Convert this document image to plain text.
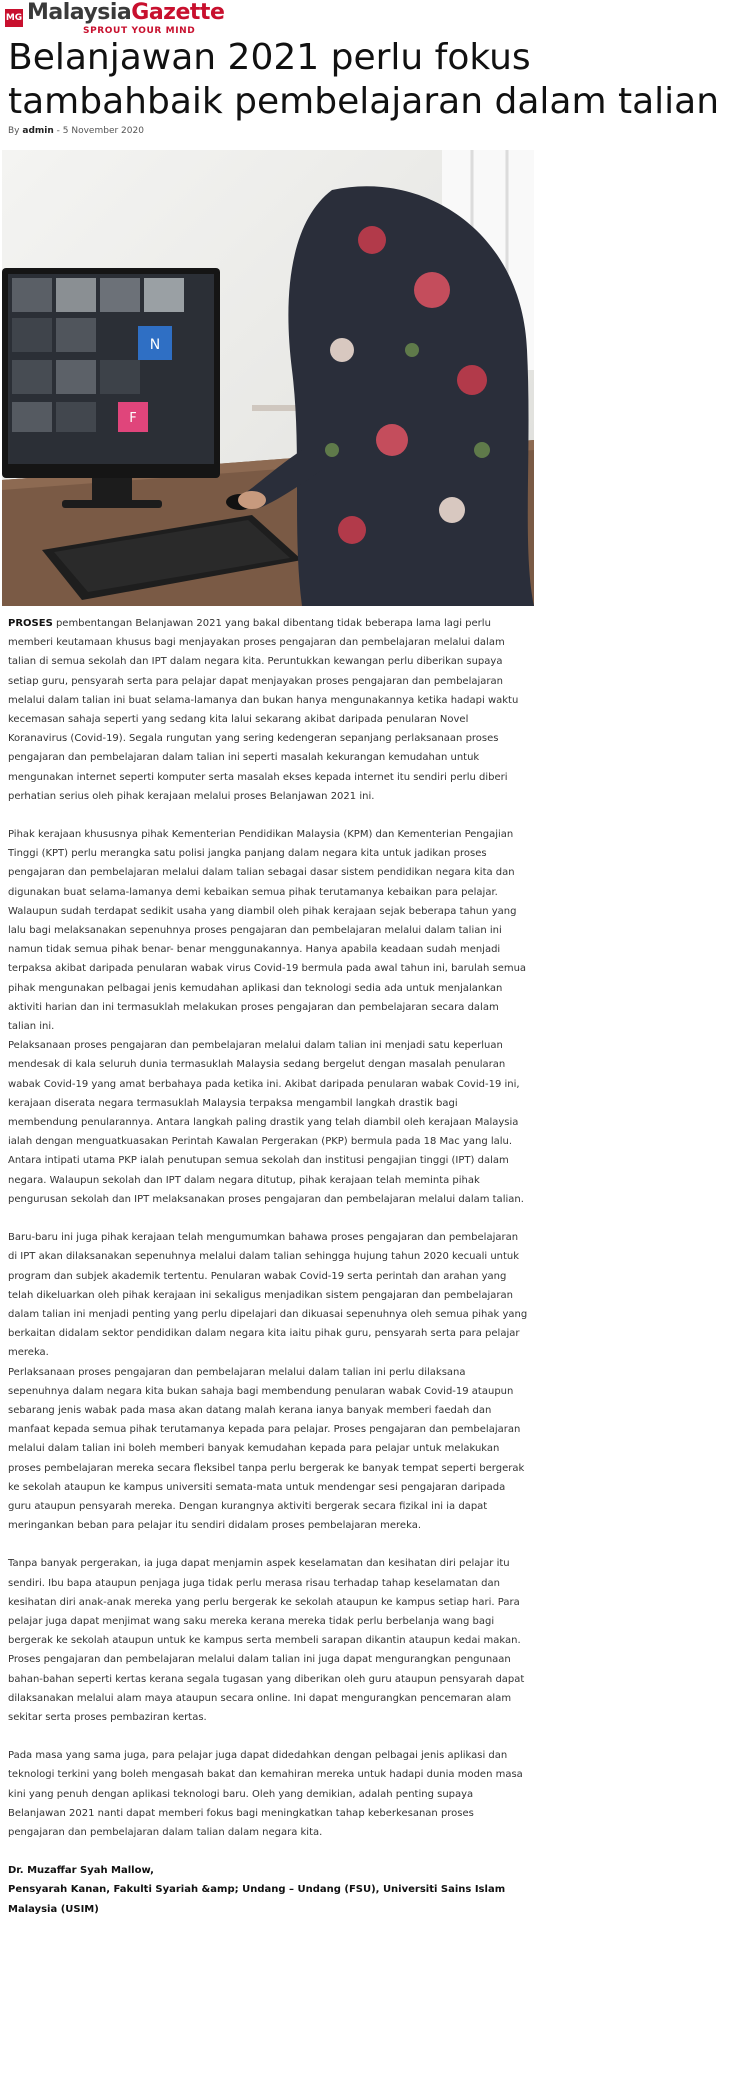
MG MalaysiaGazette
SPROUT YOUR MIND
Belanjawan 2021 perlu fokus tambahbaik pembelajaran dalam talian
By admin - 5 November 2020
N
F

PROSES pembentangan Belanjawan 2021 yang bakal dibentang tidak beberapa lama lagi perlu memberi keutamaan khusus bagi menjayakan proses pengajaran dan pembelajaran melalui dalam talian di semua sekolah dan IPT dalam negara kita. Peruntukkan kewangan perlu diberikan supaya setiap guru, pensyarah serta para pelajar dapat menjayakan proses pengajaran dan pembelajaran melalui dalam talian ini buat selama-lamanya dan bukan hanya mengunakannya ketika hadapi waktu kecemasan sahaja seperti yang sedang kita lalui sekarang akibat daripada penularan Novel Koranavirus (Covid-19). Segala rungutan yang sering kedengeran sepanjang perlaksanaan proses pengajaran dan pembelajaran dalam talian ini seperti masalah kekurangan kemudahan untuk mengunakan internet seperti komputer serta masalah ekses kepada internet itu sendiri perlu diberi perhatian serius oleh pihak kerajaan melalui proses Belanjawan 2021 ini.

Pihak kerajaan khususnya pihak Kementerian Pendidikan Malaysia (KPM) dan Kementerian Pengajian Tinggi (KPT) perlu merangka satu polisi jangka panjang dalam negara kita untuk jadikan proses pengajaran dan pembelajaran melalui dalam talian sebagai dasar sistem pendidikan negara kita dan digunakan buat selama-lamanya demi kebaikan semua pihak terutamanya kebaikan para pelajar. Walaupun sudah terdapat sedikit usaha yang diambil oleh pihak kerajaan sejak beberapa tahun yang lalu bagi melaksanakan sepenuhnya proses pengajaran dan pembelajaran melalui dalam talian ini namun tidak semua pihak benar- benar menggunakannya. Hanya apabila keadaan sudah menjadi terpaksa akibat daripada penularan wabak virus Covid-19 bermula pada awal tahun ini, barulah semua pihak mengunakan pelbagai jenis kemudahan aplikasi dan teknologi sedia ada untuk menjalankan aktiviti harian dan ini termasuklah melakukan proses pengajaran dan pembelajaran secara dalam talian ini.

Pelaksanaan proses pengajaran dan pembelajaran melalui dalam talian ini menjadi satu keperluan mendesak di kala seluruh dunia termasuklah Malaysia sedang bergelut dengan masalah penularan wabak Covid-19 yang amat berbahaya pada ketika ini. Akibat daripada penularan wabak Covid-19 ini, kerajaan diserata negara termasuklah Malaysia terpaksa mengambil langkah drastik bagi membendung penularannya. Antara langkah paling drastik yang telah diambil oleh kerajaan Malaysia ialah dengan menguatkuasakan Perintah Kawalan Pergerakan (PKP) bermula pada 18 Mac yang lalu. Antara intipati utama PKP ialah penutupan semua sekolah dan institusi pengajian tinggi (IPT) dalam negara. Walaupun sekolah dan IPT dalam negara ditutup, pihak kerajaan telah meminta pihak pengurusan sekolah dan IPT melaksanakan proses pengajaran dan pembelajaran melalui dalam talian.

Baru-baru ini juga pihak kerajaan telah mengumumkan bahawa proses pengajaran dan pembelajaran di IPT akan dilaksanakan sepenuhnya melalui dalam talian sehingga hujung tahun 2020 kecuali untuk program dan subjek akademik tertentu. Penularan wabak Covid-19 serta perintah dan arahan yang telah dikeluarkan oleh pihak kerajaan ini sekaligus menjadikan sistem pengajaran dan pembelajaran dalam talian ini menjadi penting yang perlu dipelajari dan dikuasai sepenuhnya oleh semua pihak yang berkaitan didalam sektor pendidikan dalam negara kita iaitu pihak guru, pensyarah serta para pelajar mereka.

Perlaksanaan proses pengajaran dan pembelajaran melalui dalam talian ini perlu dilaksana sepenuhnya dalam negara kita bukan sahaja bagi membendung penularan wabak Covid-19 ataupun sebarang jenis wabak pada masa akan datang malah kerana ianya banyak memberi faedah dan manfaat kepada semua pihak terutamanya kepada para pelajar. Proses pengajaran dan pembelajaran melalui dalam talian ini boleh memberi banyak kemudahan kepada para pelajar untuk melakukan proses pembelajaran mereka secara fleksibel tanpa perlu bergerak ke banyak tempat seperti bergerak ke sekolah ataupun ke kampus universiti semata-mata untuk mendengar sesi pengajaran daripada guru ataupun pensyarah mereka. Dengan kurangnya aktiviti bergerak secara fizikal ini ia dapat meringankan beban para pelajar itu sendiri didalam proses pembelajaran mereka.

Tanpa banyak pergerakan, ia juga dapat menjamin aspek keselamatan dan kesihatan diri pelajar itu sendiri. Ibu bapa ataupun penjaga juga tidak perlu merasa risau terhadap tahap keselamatan dan kesihatan diri anak-anak mereka yang perlu bergerak ke sekolah ataupun ke kampus setiap hari. Para pelajar juga dapat menjimat wang saku mereka kerana mereka tidak perlu berbelanja wang bagi bergerak ke sekolah ataupun untuk ke kampus serta membeli sarapan dikantin ataupun kedai makan. Proses pengajaran dan pembelajaran melalui dalam talian ini juga dapat mengurangkan pengunaan bahan-bahan seperti kertas kerana segala tugasan yang diberikan oleh guru ataupun pensyarah dapat dilaksanakan melalui alam maya ataupun secara online. Ini dapat mengurangkan pencemaran alam sekitar serta proses pembaziran kertas.

Pada masa yang sama juga, para pelajar juga dapat didedahkan dengan pelbagai jenis aplikasi dan teknologi terkini yang boleh mengasah bakat dan kemahiran mereka untuk hadapi dunia moden masa kini yang penuh dengan aplikasi teknologi baru. Oleh yang demikian, adalah penting supaya Belanjawan 2021 nanti dapat memberi fokus bagi meningkatkan tahap keberkesanan proses pengajaran dan pembelajaran dalam talian dalam negara kita.

Dr. Muzaffar Syah Mallow,

Pensyarah Kanan, Fakulti Syariah &amp; Undang – Undang (FSU), Universiti Sains Islam Malaysia (USIM)
